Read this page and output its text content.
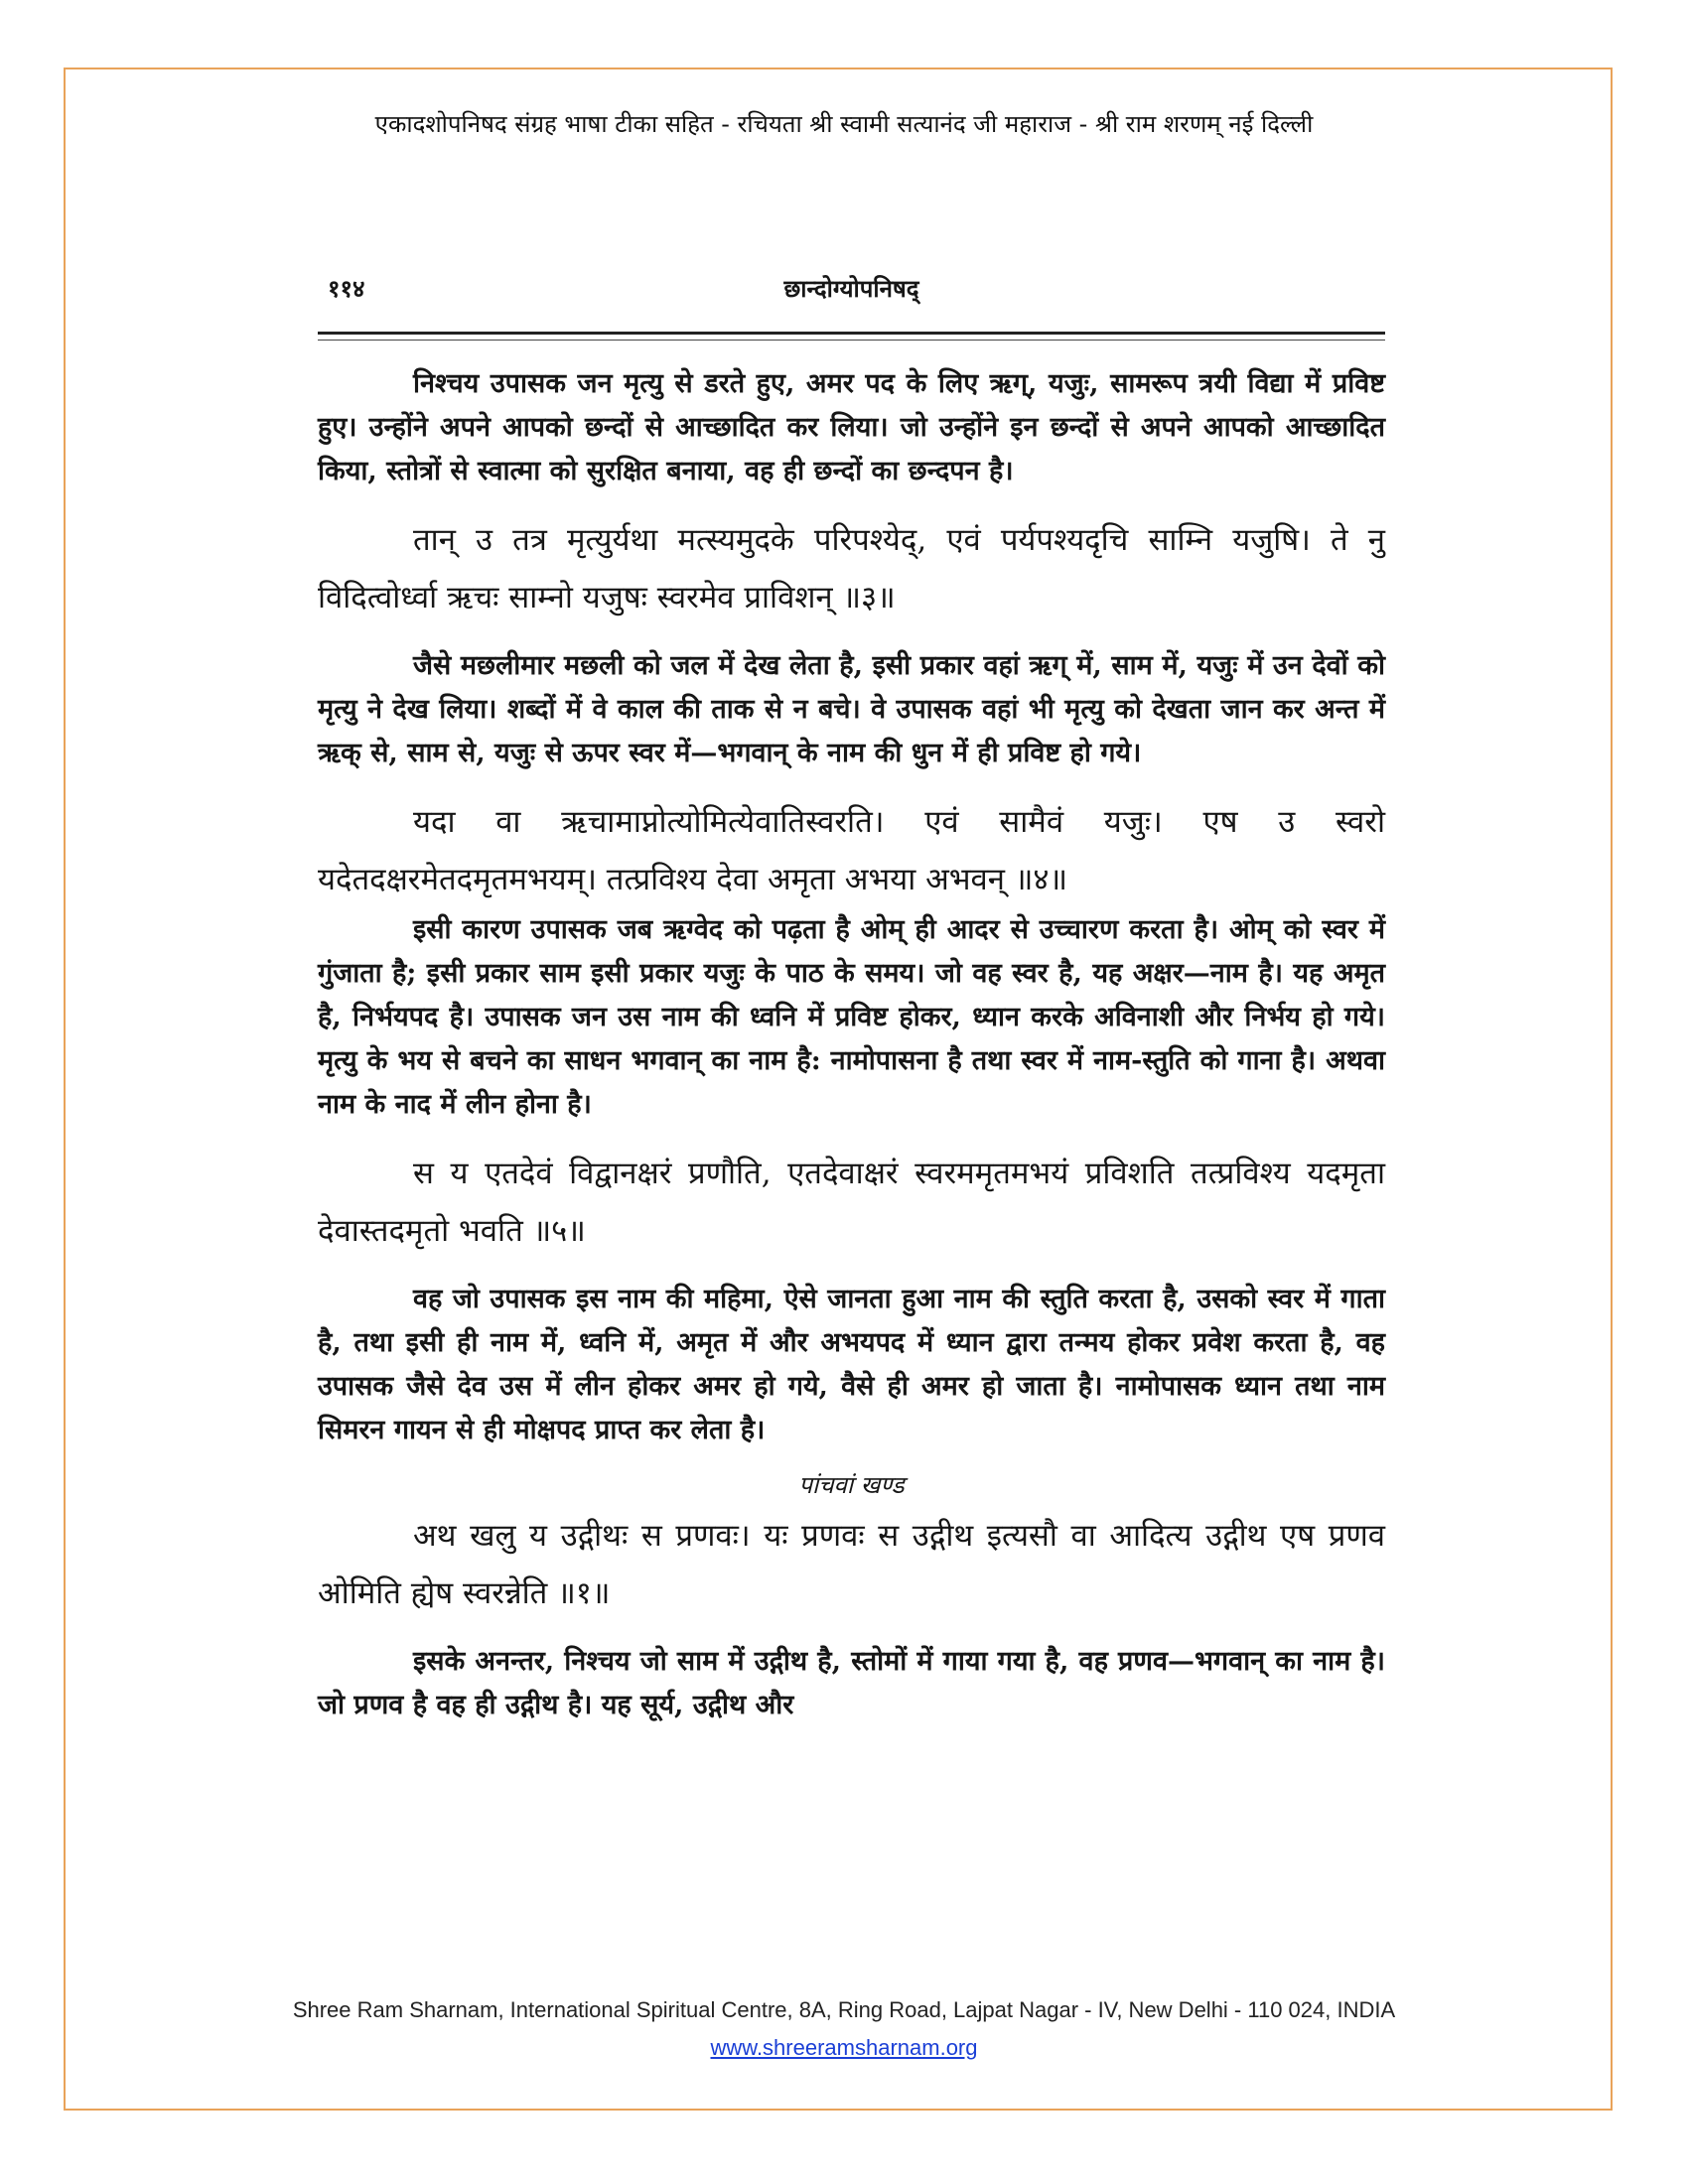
एकादशोपनिषद संग्रह भाषा टीका सहित - रचियता श्री स्वामी सत्यानंद जी महाराज - श्री राम शरणम् नई दिल्ली
११४	छान्दोग्योपनिषद्

निश्चय उपासक जन मृत्यु से डरते हुए, अमर पद के लिए ऋग्, यजुः, सामरूप त्रयी विद्या में प्रविष्ट हुए। उन्होंने अपने आपको छन्दों से आच्छादित कर लिया। जो उन्होंने इन छन्दों से अपने आपको आच्छादित किया, स्तोत्रों से स्वात्मा को सुरक्षित बनाया, वह ही छन्दों का छन्दपन है।

तान् उ तत्र मृत्युर्यथा मत्स्यमुदके परिपश्येद्, एवं पर्यपश्यदृचि साम्नि यजुषि। ते नु विदित्वोर्ध्वा ऋचः साम्नो यजुषः स्वरमेव प्राविशन् ॥३॥

जैसे मछलीमार मछली को जल में देख लेता है, इसी प्रकार वहां ऋग् में, साम में, यजुः में उन देवों को मृत्यु ने देख लिया। शब्दों में वे काल की ताक से न बचे। वे उपासक वहां भी मृत्यु को देखता जान कर अन्त में ऋक् से, साम से, यजुः से ऊपर स्वर में—भगवान् के नाम की धुन में ही प्रविष्ट हो गये।

यदा वा ऋचामाप्नोत्योमित्येवातिस्वरति। एवं सामैवं यजुः। एष उ स्वरो यदेतदक्षरमेतदमृतमभयम्। तत्प्रविश्य देवा अमृता अभया अभवन् ॥४॥

इसी कारण उपासक जब ऋग्वेद को पढ़ता है ओम् ही आदर से उच्चारण करता है। ओम् को स्वर में गुंजाता है; इसी प्रकार साम इसी प्रकार यजुः के पाठ के समय। जो वह स्वर है, यह अक्षर—नाम है। यह अमृत है, निर्भयपद है। उपासक जन उस नाम की ध्वनि में प्रविष्ट होकर, ध्यान करके अविनाशी और निर्भय हो गये। मृत्यु के भय से बचने का साधन भगवान् का नाम है: नामोपासना है तथा स्वर में नाम-स्तुति को गाना है। अथवा नाम के नाद में लीन होना है।

स य एतदेवं विद्वानक्षरं प्रणौति, एतदेवाक्षरं स्वरममृतमभयं प्रविशति तत्प्रविश्य यदमृता देवास्तदमृतो भवति ॥५॥

वह जो उपासक इस नाम की महिमा, ऐसे जानता हुआ नाम की स्तुति करता है, उसको स्वर में गाता है, तथा इसी ही नाम में, ध्वनि में, अमृत में और अभयपद में ध्यान द्वारा तन्मय होकर प्रवेश करता है, वह उपासक जैसे देव उस में लीन होकर अमर हो गये, वैसे ही अमर हो जाता है। नामोपासक ध्यान तथा नाम सिमरन गायन से ही मोक्षपद प्राप्त कर लेता है।

पांचवां खण्ड

अथ खलु य उद्गीथः स प्रणवः। यः प्रणवः स उद्गीथ इत्यसौ वा आदित्य उद्गीथ एष प्रणव ओमिति ह्येष स्वरन्नेति ॥१॥

इसके अनन्तर, निश्चय जो साम में उद्गीथ है, स्तोमों में गाया गया है, वह प्रणव—भगवान् का नाम है। जो प्रणव है वह ही उद्गीथ है। यह सूर्य, उद्गीथ और

Shree Ram Sharnam, International Spiritual Centre, 8A, Ring Road, Lajpat Nagar - IV, New Delhi - 110 024, INDIA
www.shreeramsharnam.org
